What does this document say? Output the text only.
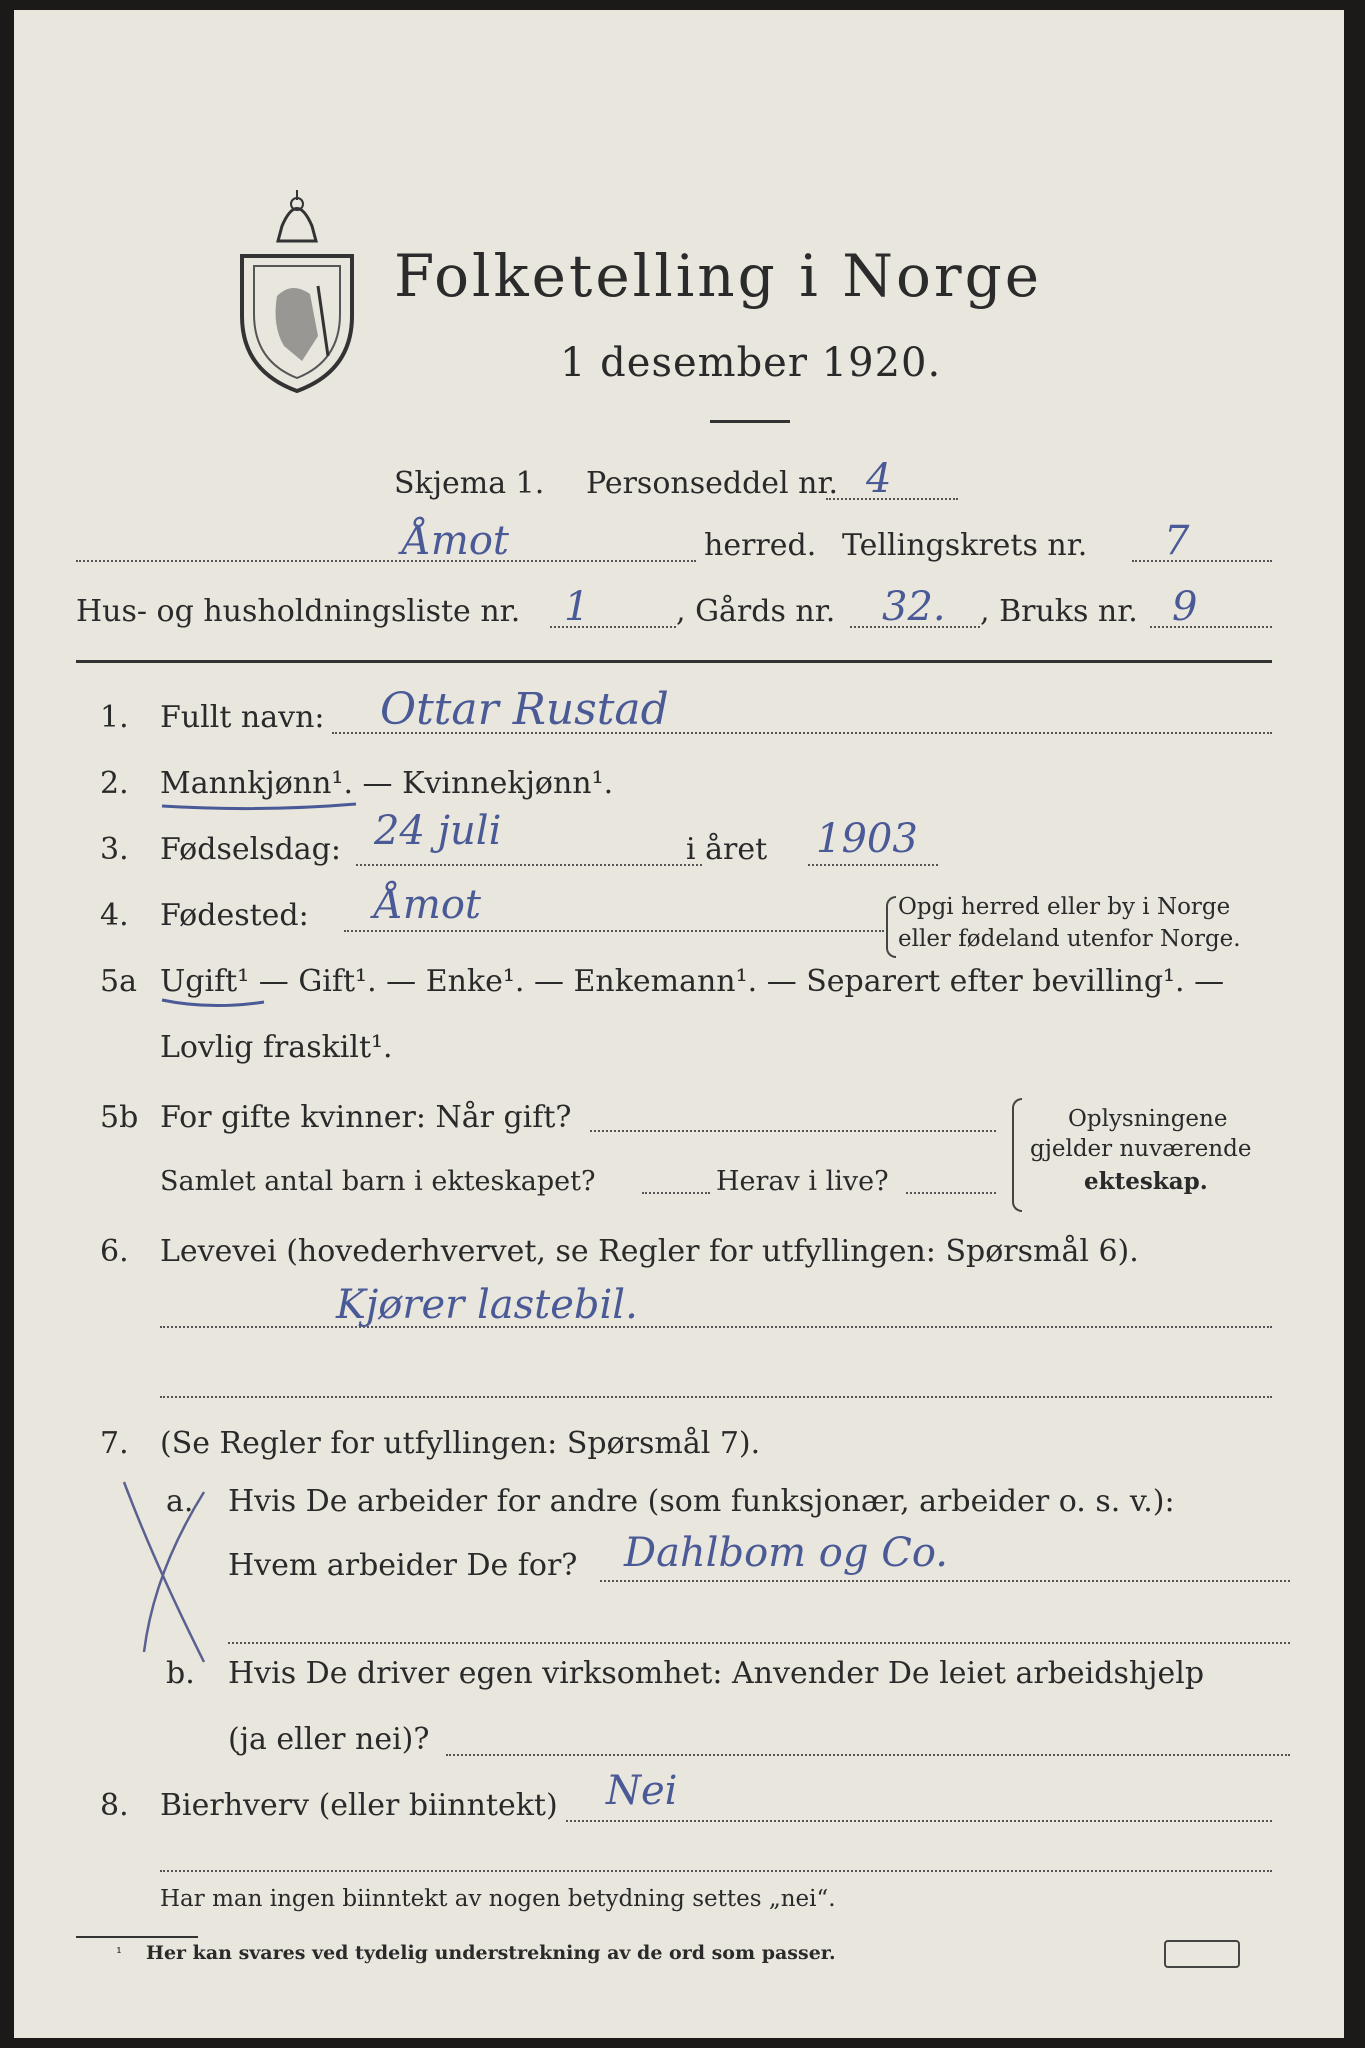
Folketelling i Norge
1 desember 1920.
Skjema 1. Personseddel nr. 4
Åmot	herred. Tellingskrets nr. 7
Hus- og husholdningsliste nr. 1	, Gårds nr. 32. , Bruks nr. 9
1. Fullt navn: Ottar Rustad
2. Mannkjønn¹. — Kvinnekjønn¹.
3. Fødselsdag: 24 juli	i året 1903
4. Fødested: Åmot	Opgi herred eller by i Norge
eller fødeland utenfor Norge.
5a Ugift¹ — Gift¹. — Enke¹. — Enkemann¹. — Separert efter bevilling¹. —
Lovlig fraskilt¹.
5b For gifte kvinner: Når gift?
Samlet antal barn i ekteskapet?	Herav i live?
Oplysningene
gjelder nuværende
ekteskap.
6. Levevei (hovederhvervet, se Regler for utfyllingen: Spørsmål 6).
Kjører lastebil.
7. (Se Regler for utfyllingen: Spørsmål 7).
a. Hvis De arbeider for andre (som funksjonær, arbeider o. s. v.):
Hvem arbeider De for? Dahlbom og Co.
b. Hvis De driver egen virksomhet: Anvender De leiet arbeidshjelp
(ja eller nei)?
8. Bierhverv (eller biinntekt) Nei
Har man ingen biinntekt av nogen betydning settes „nei“.
¹ Her kan svares ved tydelig understrekning av de ord som passer.
